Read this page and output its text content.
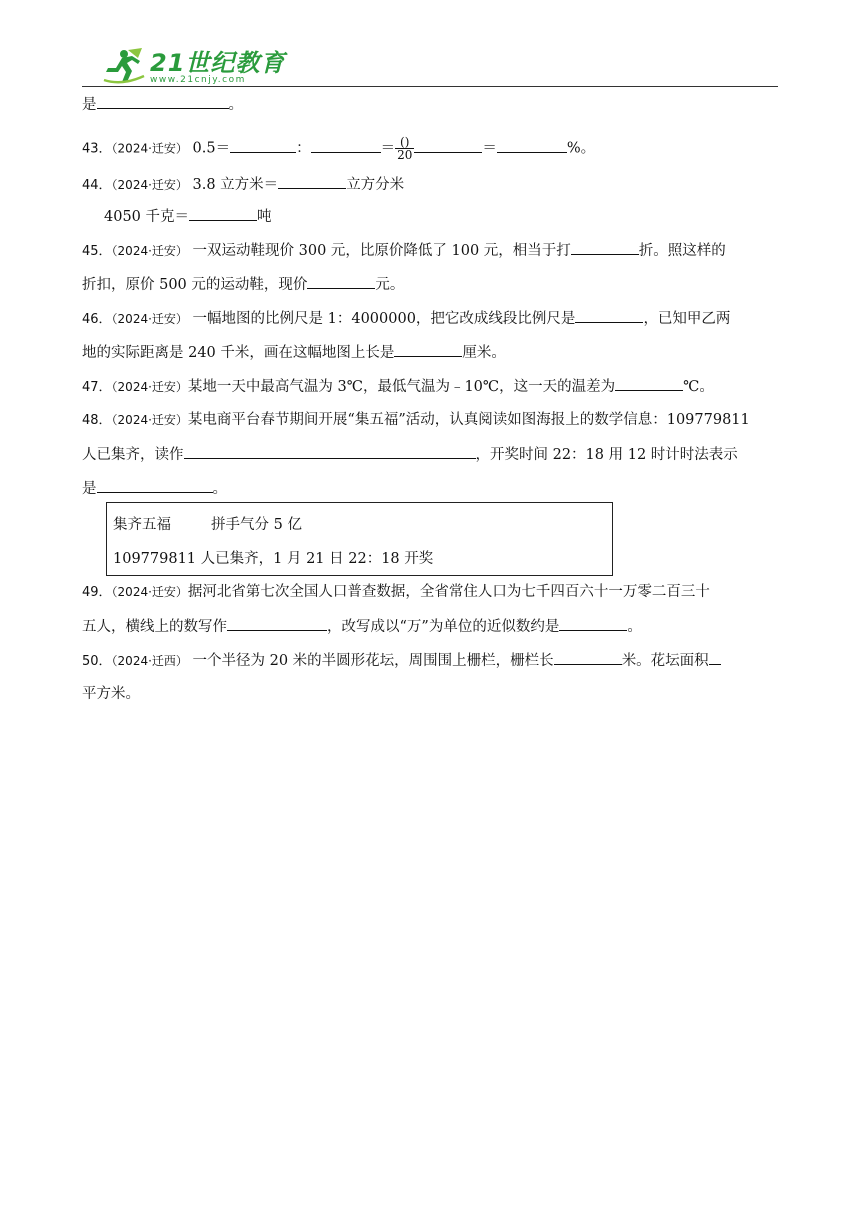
21世纪教育
www.21cnjy.com
是	。
43．（2024·迁安） 0.5＝	：	＝ $\frac{()}{20}$	＝	%。
44．（2024·迁安） 3.8 立方米＝	立方分米
4050 千克＝	吨
45．（2024·迁安） 一双运动鞋现价 300 元，比原价降低了 100 元，相当于打	折。照这样的
折扣，原价 500 元的运动鞋，现价	元。
46．（2024·迁安） 一幅地图的比例尺是 1：4000000，把它改成线段比例尺是	，已知甲乙两
地的实际距离是 240 千米，画在这幅地图上长是	厘米。
47．（2024·迁安）某地一天中最高气温为 3℃，最低气温为﹣10℃，这一天的温差为	℃。
48．（2024·迁安）某电商平台春节期间开展“集五福”活动，认真阅读如图海报上的数学信息：109779811
人已集齐，读作	，开奖时间 22：18 用 12 时计时法表示
是	。
集齐五福	拼手气分 5 亿
109779811 人已集齐，1 月 21 日 22：18 开奖
49．（2024·迁安）据河北省第七次全国人口普查数据，全省常住人口为七千四百六十一万零二百三十
五人，横线上的数写作	，改写成以“万”为单位的近似数约是	。
50．（2024·迁西） 一个半径为 20 米的半圆形花坛，周围围上栅栏，栅栏长	米。花坛面积
平方米。
